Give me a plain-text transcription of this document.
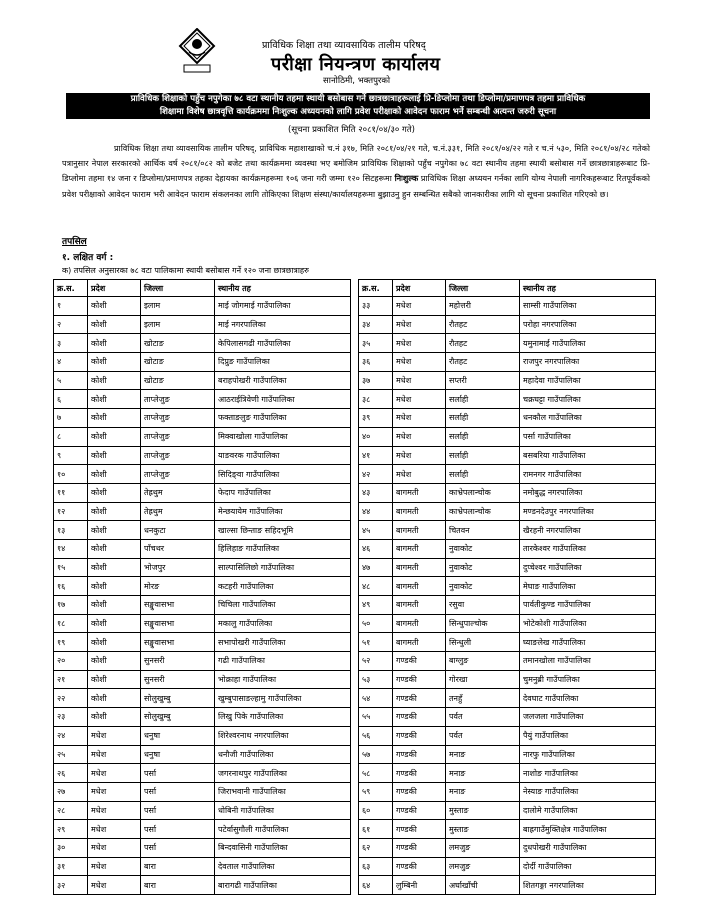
प्राविधिक शिक्षा तथा व्यावसायिक तालीम परिषद्
परीक्षा नियन्त्रण कार्यालय
सानोठिमी, भक्तपुरको
प्राविधिक शिक्षाको पहुँच नपुगेका ७८ वटा स्थानीय तहमा स्थायी बसोबास गर्ने छात्रछात्राहरूलाई प्रि-डिप्लोमा तथा डिप्लोमा/प्रमाणपत्र तहमा प्राविधिक
शिक्षामा विशेष छात्रवृत्ति कार्यक्रममा निःशुल्क अध्ययनको लागि प्रवेश परीक्षाको आवेदन फाराम भर्ने सम्बन्धी अत्यन्त जरुरी सूचना
(सूचना प्रकाशित मिति २०८१/०४/३० गते)
प्राविधिक शिक्षा तथा व्यावसायिक तालीम परिषद्, प्राविधिक महाशाखाको च.नं ३१७, मिति २०८१/०४/२१ गते, च.नं.३३१, मिति २०८१/०४/२२ गते र च.नं ५३०, मिति २०८१/०४/२८ गतेको पत्रानुसार नेपाल सरकारको आर्थिक वर्ष २०८१/०८२ को बजेट तथा कार्यक्रममा व्यवस्था भए बमोजिम प्राविधिक शिक्षाको पहुँच नपुगेका ७८ वटा स्थानीय तहमा स्थायी बसोबास गर्ने छात्रछात्राहरूबाट प्रि-डिप्लोमा तहमा १४ जना र डिप्लोमा/प्रमाणपत्र तहका देहायका कार्यक्रमहरूमा १०६ जना गरी जम्मा १२० सिटहरूमा निःशुल्क प्राविधिक शिक्षा अध्ययन गर्नका लागि योग्य नेपाली नागरिकहरूबाट रितपूर्वकको प्रवेश परीक्षाको आवेदन फाराम भरी आवेदन फाराम संकलनका लागि तोकिएका शिक्षण संस्था/कार्यालयहरूमा बुझाउनु हुन सम्बन्धित सबैको जानकारीका लागि यो सूचना प्रकाशित गरिएको छ।
तपसिल
१. लक्षित वर्ग :
क) तपसिल अनुसारका ७८ वटा पालिकामा स्थायी बसोबास गर्ने १२० जना छात्रछात्राहरु
क्र.स.	प्रदेश	जिल्ला	स्थानीय तह
१	कोशी	इलाम	माई जोगमाई गाउँपालिका
२	कोशी	इलाम	माई नगरपालिका
३	कोशी	खोटाङ	केपिलासगढी गाउँपालिका
४	कोशी	खोटाङ	दिप्रुङ गाउँपालिका
५	कोशी	खोटाङ	बराहपोखरी गाउँपालिका
६	कोशी	ताप्लेजुङ	आठराईत्रिवेणी गाउँपालिका
७	कोशी	ताप्लेजुङ	फक्ताङलुङ गाउँपालिका
८	कोशी	ताप्लेजुङ	मिक्वाखोला गाउँपालिका
९	कोशी	ताप्लेजुङ	याङवरक गाउँपालिका
१०	कोशी	ताप्लेजुङ	सिदिङ्वा गाउँपालिका
११	कोशी	तेह्रथुम	फेदाप गाउँपालिका
१२	कोशी	तेह्रथुम	मेन्छयायेम गाउँपालिका
१३	कोशी	धनकुटा	खाल्सा छिन्ताङ सहिदभूमि
१४	कोशी	पाँचथर	हिलिहाङ गाउँपालिका
१५	कोशी	भोजपुर	साल्पासिलिछो गाउँपालिका
१६	कोशी	मोरङ	कटहरी गाउँपालिका
१७	कोशी	सङ्खुवासभा	चिचिला गाउँपालिका
१८	कोशी	सङ्खुवासभा	मकालु गाउँपालिका
१९	कोशी	सङ्खुवासभा	सभापोखरी गाउँपालिका
२०	कोशी	सुनसरी	गढी गाउँपालिका
२१	कोशी	सुनसरी	भोक्राहा गाउँपालिका
२२	कोशी	सोलुखुम्बु	खुम्बुपासाङल्हामु गाउँपालिका
२३	कोशी	सोलुखुम्बु	लिखु पिके गाउँपालिका
२४	मधेश	धनुषा	शिरेश्वरनाथ नगरपालिका
२५	मधेश	धनुषा	धनौजी गाउँपालिका
२६	मधेश	पर्सा	जगरनाथपुर गाउँपालिका
२७	मधेश	पर्सा	जिराभवानी गाउँपालिका
२८	मधेश	पर्सा	धोबिनी गाउँपालिका
२९	मधेश	पर्सा	पटेर्वासुगौली गाउँपालिका
३०	मधेश	पर्सा	बिन्दवासिनी गाउँपालिका
३१	मधेश	बारा	देवताल गाउँपालिका
३२	मधेश	बारा	बारागढी गाउँपालिका
क्र.स.	प्रदेश	जिल्ला	स्थानीय तह
३३	मधेश	महोत्तरी	साम्सी गाउँपालिका
३४	मधेश	रौतहट	परोहा नगरपालिका
३५	मधेश	रौतहट	यमुनामाई गाउँपालिका
३६	मधेश	रौतहट	राजपुर नगरपालिका
३७	मधेश	सप्तरी	महादेवा गाउँपालिका
३८	मधेश	सर्लाही	चक्रघट्टा गाउँपालिका
३९	मधेश	सर्लाही	धनकौल गाउँपालिका
४०	मधेश	सर्लाही	पर्सा गाउँपालिका
४१	मधेश	सर्लाही	बसबरिया गाउँपालिका
४२	मधेश	सर्लाही	रामनगर गाउँपालिका
४३	बागमती	काभ्रेपलान्चोक	नमोबुद्ध नगरपालिका
४४	बागमती	काभ्रेपलान्चोक	मण्डनदेउपुर नगरपालिका
४५	बागमती	चितवन	खैरहनी नगरपालिका
४६	बागमती	नुवाकोट	तारकेश्वर गाउँपालिका
४७	बागमती	नुवाकोट	दुप्चेश्वर गाउँपालिका
४८	बागमती	नुवाकोट	मेघाङ गाउँपालिका
४९	बागमती	रसुवा	पार्वतीकुण्ड गाउँपालिका
५०	बागमती	सिन्धुपाल्चोक	भोटेकोशी गाउँपालिका
५१	बागमती	सिन्धुली	घ्याङलेख गाउँपालिका
५२	गण्डकी	बाग्लुङ	तमानखोला गाउँपालिका
५३	गण्डकी	गोरखा	चुमनुब्री गाउँपालिका
५४	गण्डकी	तनहुँ	देवघाट गाउँपालिका
५५	गण्डकी	पर्वत	जलजला गाउँपालिका
५६	गण्डकी	पर्वत	पैयुं गाउँपालिका
५७	गण्डकी	मनाङ	नारफु गाउँपालिका
५८	गण्डकी	मनाङ	नाशोङ गाउँपालिका
५९	गण्डकी	मनाङ	नेस्याङ गाउँपालिका
६०	गण्डकी	मुस्ताङ	दालोमे गाउँपालिका
६१	गण्डकी	मुस्ताङ	बाह्रगाउँमुक्तिक्षेत्र गाउँपालिका
६२	गण्डकी	लमजुङ	दुधपोखरी गाउँपालिका
६३	गण्डकी	लमजुङ	दोर्दी गाउँपालिका
६४	लुम्बिनी	अर्घाखाँची	शितगङ्गा नगरपालिका
